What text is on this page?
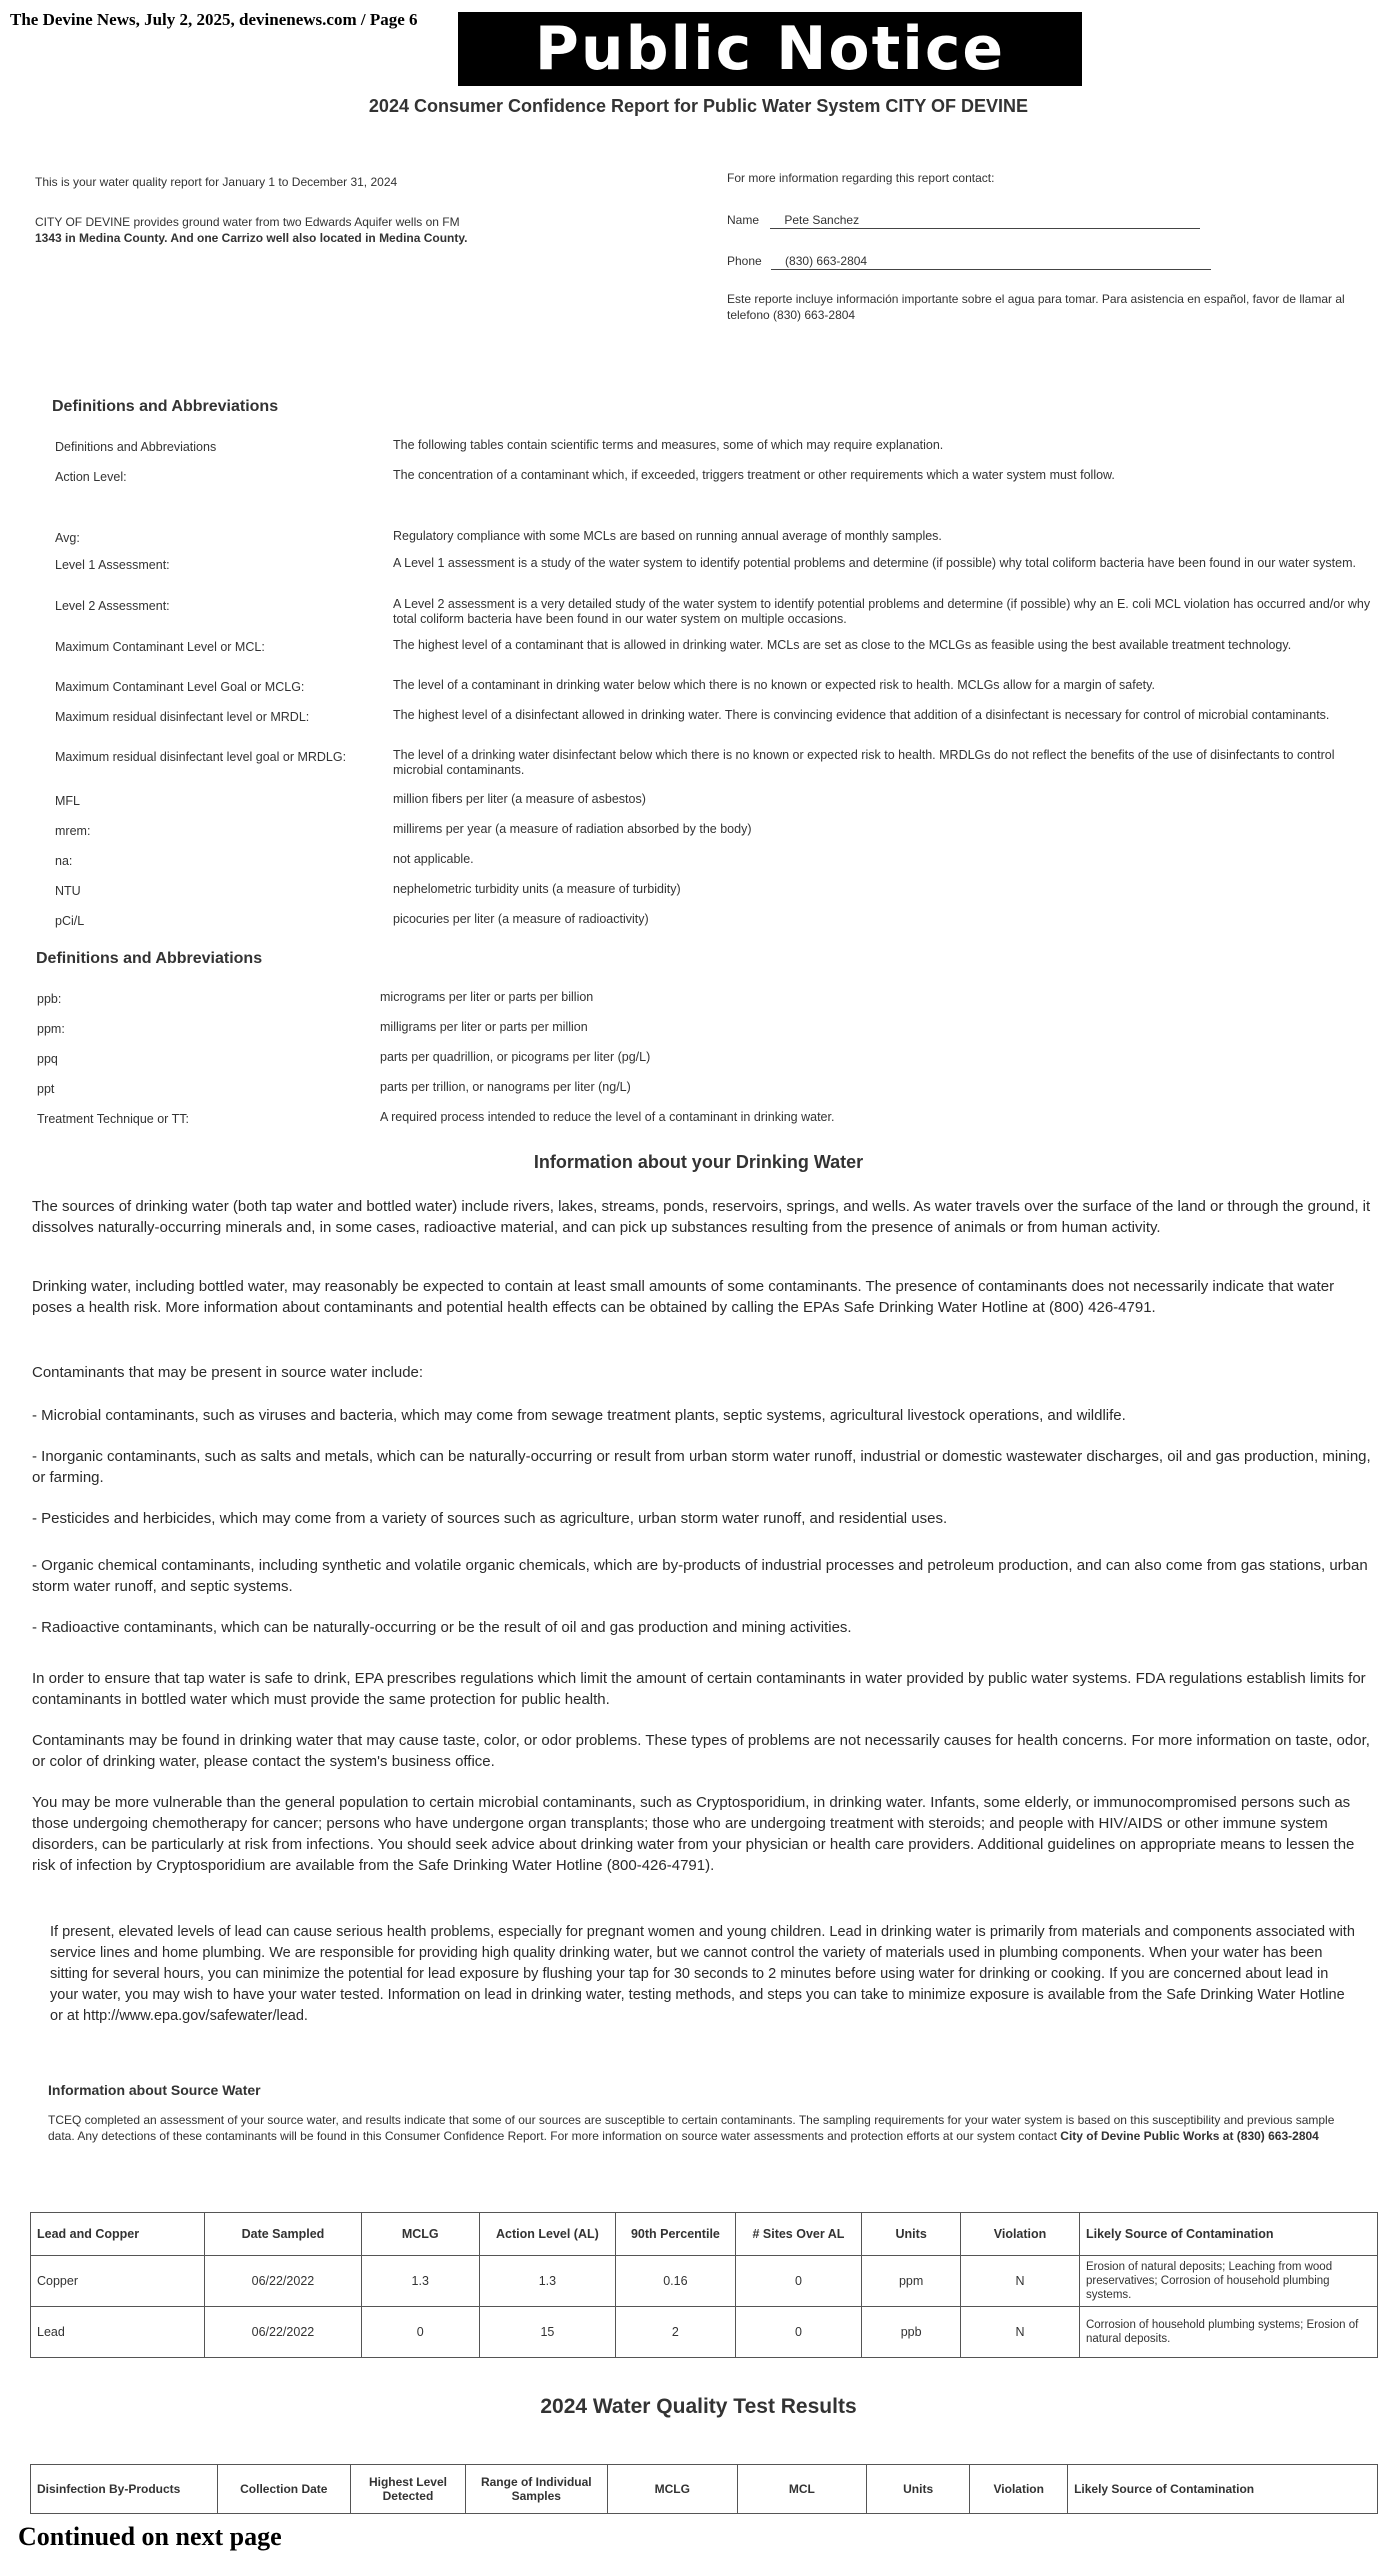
The Devine News, July 2, 2025, devinenews.com / Page 6	Public Notice
2024 Consumer Confidence Report for Public Water System CITY OF DEVINE
This is your water quality report for January 1 to December 31, 2024
CITY OF DEVINE provides ground water from two Edwards Aquifer wells on FM
1343 in Medina County. And one Carrizo well also located in Medina County.
For more information regarding this report contact:
Name Pete Sanchez
Phone (830) 663-2804
Este reporte incluye información importante sobre el agua para tomar. Para asistencia en español, favor de llamar al telefono (830) 663-2804
Definitions and Abbreviations
Definitions and Abbreviations	The following tables contain scientific terms and measures, some of which may require explanation.
Action Level:	The concentration of a contaminant which, if exceeded, triggers treatment or other requirements which a water system must follow.
Avg:	Regulatory compliance with some MCLs are based on running annual average of monthly samples.
Level 1 Assessment:	A Level 1 assessment is a study of the water system to identify potential problems and determine (if possible) why total coliform bacteria have been found in our water system.
Level 2 Assessment:	A Level 2 assessment is a very detailed study of the water system to identify potential problems and determine (if possible) why an E. coli MCL violation has occurred and/or why total coliform bacteria have been found in our water system on multiple occasions.
Maximum Contaminant Level or MCL:	The highest level of a contaminant that is allowed in drinking water. MCLs are set as close to the MCLGs as feasible using the best available treatment technology.
Maximum Contaminant Level Goal or MCLG:	The level of a contaminant in drinking water below which there is no known or expected risk to health. MCLGs allow for a margin of safety.
Maximum residual disinfectant level or MRDL:	The highest level of a disinfectant allowed in drinking water. There is convincing evidence that addition of a disinfectant is necessary for control of microbial contaminants.
Maximum residual disinfectant level goal or MRDLG:	The level of a drinking water disinfectant below which there is no known or expected risk to health. MRDLGs do not reflect the benefits of the use of disinfectants to control microbial contaminants.
MFL	million fibers per liter (a measure of asbestos)
mrem:	millirems per year (a measure of radiation absorbed by the body)
na:	not applicable.
NTU	nephelometric turbidity units (a measure of turbidity)
pCi/L	picocuries per liter (a measure of radioactivity)
Definitions and Abbreviations
ppb:	micrograms per liter or parts per billion
ppm:	milligrams per liter or parts per million
ppq	parts per quadrillion, or picograms per liter (pg/L)
ppt	parts per trillion, or nanograms per liter (ng/L)
Treatment Technique or TT:	A required process intended to reduce the level of a contaminant in drinking water.
Information about your Drinking Water
The sources of drinking water (both tap water and bottled water) include rivers, lakes, streams, ponds, reservoirs, springs, and wells. As water travels over the surface of the land or through the ground, it dissolves naturally-occurring minerals and, in some cases, radioactive material, and can pick up substances resulting from the presence of animals or from human activity.
Drinking water, including bottled water, may reasonably be expected to contain at least small amounts of some contaminants. The presence of contaminants does not necessarily indicate that water poses a health risk. More information about contaminants and potential health effects can be obtained by calling the EPAs Safe Drinking Water Hotline at (800) 426-4791.
Contaminants that may be present in source water include:
- Microbial contaminants, such as viruses and bacteria, which may come from sewage treatment plants, septic systems, agricultural livestock operations, and wildlife.
- Inorganic contaminants, such as salts and metals, which can be naturally-occurring or result from urban storm water runoff, industrial or domestic wastewater discharges, oil and gas production, mining, or farming.
- Pesticides and herbicides, which may come from a variety of sources such as agriculture, urban storm water runoff, and residential uses.
- Organic chemical contaminants, including synthetic and volatile organic chemicals, which are by-products of industrial processes and petroleum production, and can also come from gas stations, urban storm water runoff, and septic systems.
- Radioactive contaminants, which can be naturally-occurring or be the result of oil and gas production and mining activities.
In order to ensure that tap water is safe to drink, EPA prescribes regulations which limit the amount of certain contaminants in water provided by public water systems. FDA regulations establish limits for contaminants in bottled water which must provide the same protection for public health.
Contaminants may be found in drinking water that may cause taste, color, or odor problems. These types of problems are not necessarily causes for health concerns. For more information on taste, odor, or color of drinking water, please contact the system's business office.
You may be more vulnerable than the general population to certain microbial contaminants, such as Cryptosporidium, in drinking water. Infants, some elderly, or immunocompromised persons such as those undergoing chemotherapy for cancer; persons who have undergone organ transplants; those who are undergoing treatment with steroids; and people with HIV/AIDS or other immune system disorders, can be particularly at risk from infections. You should seek advice about drinking water from your physician or health care providers. Additional guidelines on appropriate means to lessen the risk of infection by Cryptosporidium are available from the Safe Drinking Water Hotline (800-426-4791).
If present, elevated levels of lead can cause serious health problems, especially for pregnant women and young children. Lead in drinking water is primarily from materials and components associated with service lines and home plumbing. We are responsible for providing high quality drinking water, but we cannot control the variety of materials used in plumbing components. When your water has been sitting for several hours, you can minimize the potential for lead exposure by flushing your tap for 30 seconds to 2 minutes before using water for drinking or cooking. If you are concerned about lead in your water, you may wish to have your water tested. Information on lead in drinking water, testing methods, and steps you can take to minimize exposure is available from the Safe Drinking Water Hotline or at http://www.epa.gov/safewater/lead.
Information about Source Water
TCEQ completed an assessment of your source water, and results indicate that some of our sources are susceptible to certain contaminants. The sampling requirements for your water system is based on this susceptibility and previous sample data. Any detections of these contaminants will be found in this Consumer Confidence Report. For more information on source water assessments and protection efforts at our system contact City of Devine Public Works at (830) 663-2804
Lead and Copper	Date Sampled	MCLG	Action Level (AL)	90th Percentile	# Sites Over AL	Units	Violation	Likely Source of Contamination
Copper	06/22/2022	1.3	1.3	0.16	0	ppm	N	Erosion of natural deposits; Leaching from wood preservatives; Corrosion of household plumbing systems.
Lead	06/22/2022	0	15	2	0	ppb	N	Corrosion of household plumbing systems; Erosion of natural deposits.
2024 Water Quality Test Results
Disinfection By-Products	Collection Date	Highest Level Detected	Range of Individual Samples	MCLG	MCL	Units	Violation	Likely Source of Contamination
Continued on next page
